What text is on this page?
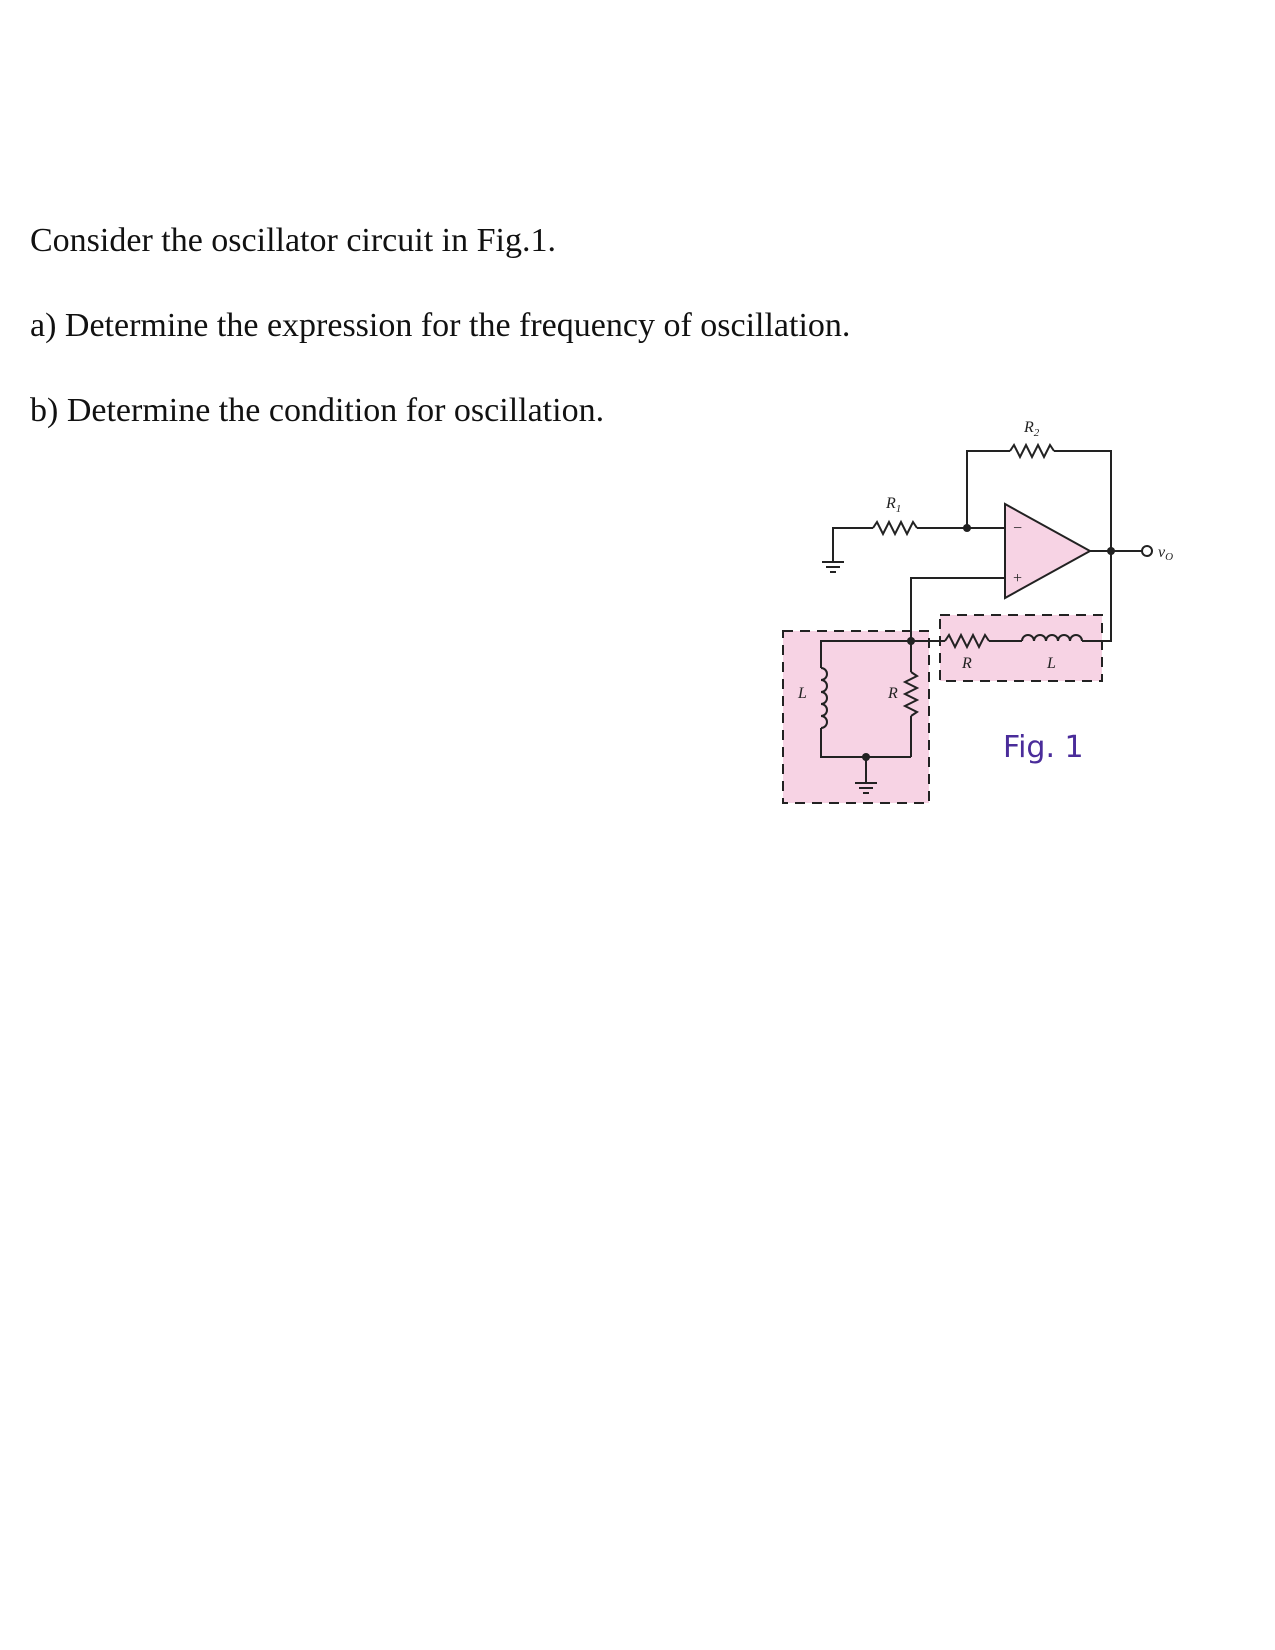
Consider the oscillator circuit in Fig.1.
a) Determine the expression for the frequency of oscillation.
b) Determine the condition for oscillation.	$R_2$
$R_1$
vO
−
+
R	L
L	R
Fig. 1
